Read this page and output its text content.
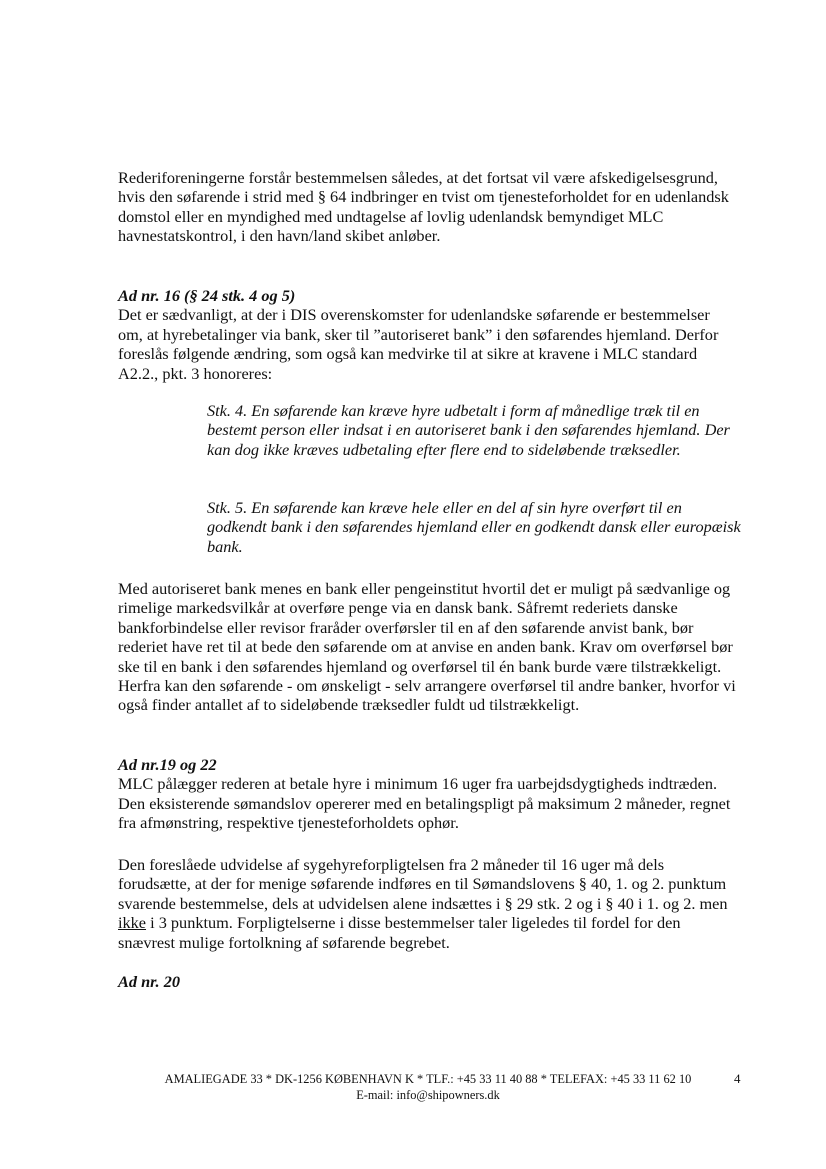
Rederiforeningerne forstår bestemmelsen således, at det fortsat vil være afskedigelsesgrund, hvis den søfarende i strid med § 64 indbringer en tvist om tjenesteforholdet for en udenlandsk domstol eller en myndighed med undtagelse af lovlig udenlandsk bemyndiget MLC havnestatskontrol, i den havn/land skibet anløber.

Ad nr. 16 (§ 24 stk. 4 og 5)

Det er sædvanligt, at der i DIS overenskomster for udenlandske søfarende er bestemmelser om, at hyrebetalinger via bank, sker til ”autoriseret bank” i den søfarendes hjemland. Derfor foreslås følgende ændring, som også kan medvirke til at sikre at kravene i MLC standard A2.2., pkt. 3 honoreres:

Stk. 4. En søfarende kan kræve hyre udbetalt i form af månedlige træk til en bestemt person eller indsat i en autoriseret bank i den søfarendes hjemland. Der kan dog ikke kræves udbetaling efter flere end to sideløbende træksedler.

Stk. 5. En søfarende kan kræve hele eller en del af sin hyre overført til en godkendt bank i den søfarendes hjemland eller en godkendt dansk eller europæisk bank.

Med autoriseret bank menes en bank eller pengeinstitut hvortil det er muligt på sædvanlige og rimelige markedsvilkår at overføre penge via en dansk bank. Såfremt rederiets danske bankforbindelse eller revisor fraråder overførsler til en af den søfarende anvist bank, bør rederiet have ret til at bede den søfarende om at anvise en anden bank. Krav om overførsel bør ske til en bank i den søfarendes hjemland og overførsel til én bank burde være tilstrækkeligt. Herfra kan den søfarende - om ønskeligt - selv arrangere overførsel til andre banker, hvorfor vi også finder antallet af to sideløbende træksedler fuldt ud tilstrækkeligt.

Ad nr.19 og 22

MLC pålægger rederen at betale hyre i minimum 16 uger fra uarbejdsdygtigheds indtræden. Den eksisterende sømandslov opererer med en betalingspligt på maksimum 2 måneder, regnet fra afmønstring, respektive tjenesteforholdets ophør.

Den foreslåede udvidelse af sygehyreforpligtelsen fra 2 måneder til 16 uger må dels forudsætte, at der for menige søfarende indføres en til Sømandslovens § 40, 1. og 2. punktum svarende bestemmelse, dels at udvidelsen alene indsættes i § 29 stk. 2 og i § 40 i 1. og 2. men ikke i 3 punktum. Forpligtelserne i disse bestemmelser taler ligeledes til fordel for den snævrest mulige fortolkning af søfarende begrebet.

Ad nr. 20

AMALIEGADE 33 * DK-1256 KØBENHAVN K * TLF.: +45 33 11 40 88 * TELEFAX: +45 33 11 62 10
E-mail: info@shipowners.dk
4
